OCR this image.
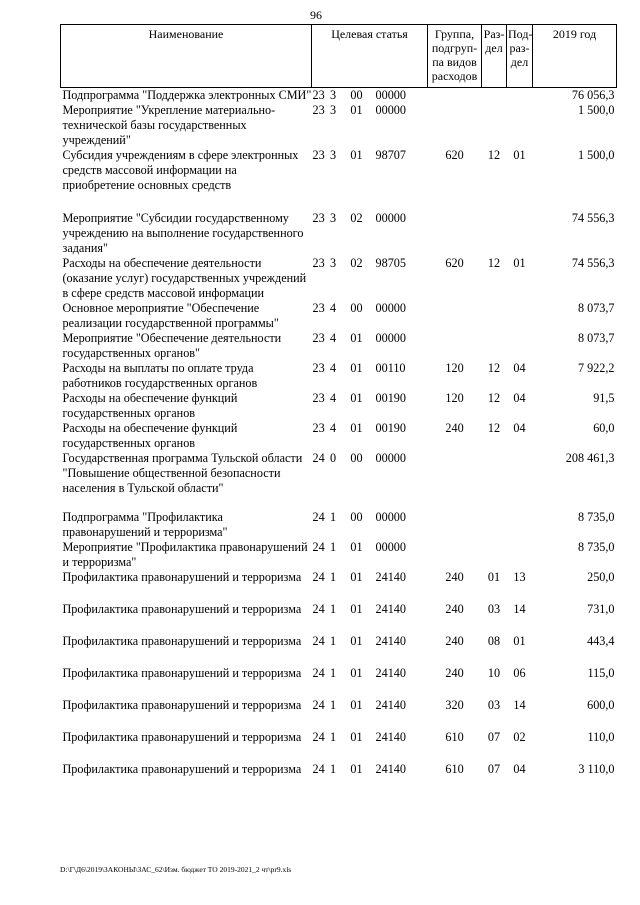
96
Наименование	Целевая статья				Группа, подгруп-па видов расходов	Раз-дел	Под-раз-дел	2019 год
Подпрограмма "Поддержка электронных СМИ"	23	3	00	00000				76 056,3
Мероприятие "Укрепление материально-технической базы государственных учреждений"	23	3	01	00000				1 500,0
Субсидия учреждениям в сфере электронных средств массовой информации на приобретение основных средств	23	3	01	98707	620	12	01	1 500,0

Мероприятие "Субсидии государственному учреждению на выполнение государственного задания"	23	3	02	00000				74 556,3
Расходы на обеспечение деятельности (оказание услуг) государственных учреждений в сфере средств массовой информации	23	3	02	98705	620	12	01	74 556,3
Основное мероприятие "Обеспечение реализации государственной программы"	23	4	00	00000				8 073,7
Мероприятие "Обеспечение деятельности государственных органов"	23	4	01	00000				8 073,7
Расходы на выплаты по оплате труда работников государственных органов	23	4	01	00110	120	12	04	7 922,2
Расходы на обеспечение функций государственных органов	23	4	01	00190	120	12	04	91,5
Расходы на обеспечение функций государственных органов	23	4	01	00190	240	12	04	60,0
Государственная программа Тульской области "Повышение общественной безопасности населения в Тульской области"	24	0	00	00000				208 461,3

Подпрограмма "Профилактика правонарушений и терроризма"	24	1	00	00000				8 735,0
Мероприятие "Профилактика правонарушений и терроризма"	24	1	01	00000				8 735,0
Профилактика правонарушений и терроризма	24	1	01	24140	240	01	13	250,0

Профилактика правонарушений и терроризма	24	1	01	24140	240	03	14	731,0

Профилактика правонарушений и терроризма	24	1	01	24140	240	08	01	443,4

Профилактика правонарушений и терроризма	24	1	01	24140	240	10	06	115,0

Профилактика правонарушений и терроризма	24	1	01	24140	320	03	14	600,0

Профилактика правонарушений и терроризма	24	1	01	24140	610	07	02	110,0

Профилактика правонарушений и терроризма	24	1	01	24140	610	07	04	3 110,0
D:\Г\Д6\2019\ЗАКОНЫ\ЗАС_62\Изм. бюджет ТО 2019-2021_2 чт\pr9.xls
